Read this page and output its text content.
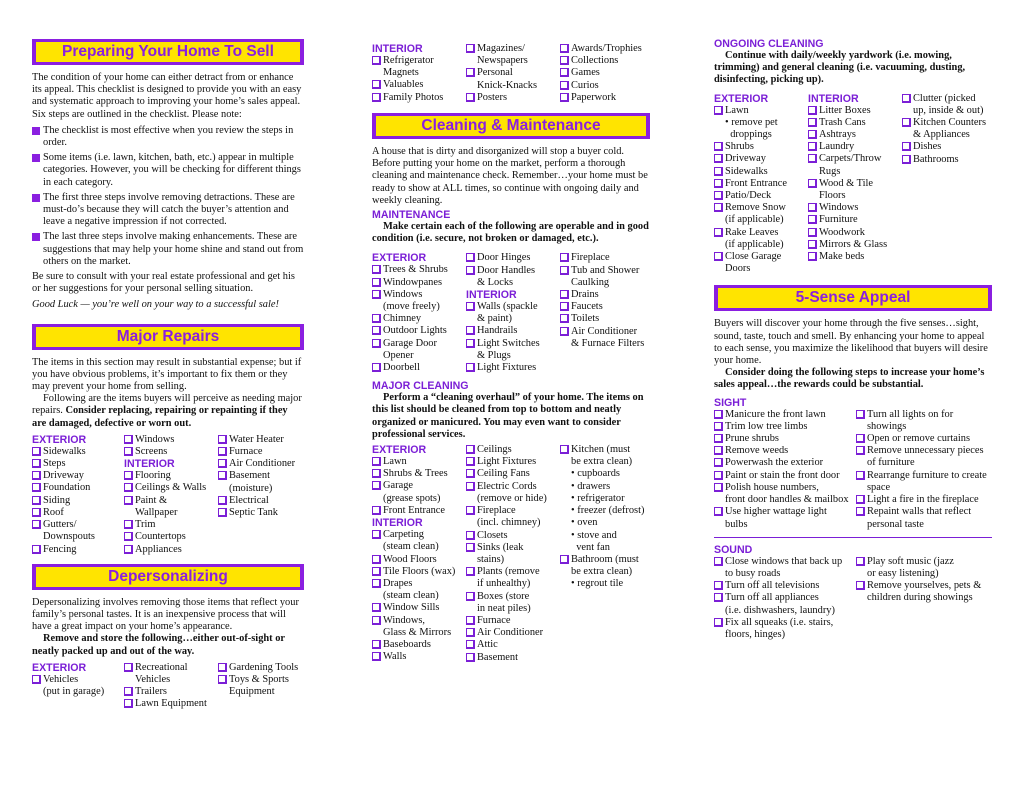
Preparing Your Home To Sell

The condition of your home can either detract from or enhance its appeal. This checklist is designed to provide you with an easy and systematic approach to improving your home’s sales appeal. Six steps are outlined in the checklist. Please note:

The checklist is most effective when you review the steps in order.
Some items (i.e. lawn, kitchen, bath, etc.) appear in multiple categories. However, you will be checking for different things in each category.
The first three steps involve removing detractions. These are must-do’s because they will catch the buyer’s attention and leave a negative impression if not corrected.
The last three steps involve making enhancements. These are suggestions that may help your home shine and stand out from others on the market.

Be sure to consult with your real estate professional and get his or her suggestions for your personal selling situation.

Good Luck — you’re well on your way to a successful sale!

Major Repairs

The items in this section may result in substantial expense; but if you have obvious problems, it’s important to fix them or they may prevent your home from selling.

Following are the items buyers will perceive as needing major repairs. Consider replacing, repairing or repainting if they are damaged, defective or worn out.

EXTERIOR
Sidewalks
Steps
Driveway
Foundation
Siding
Roof
Gutters/
Downspouts
Fencing
Windows
Screens
INTERIOR
Flooring
Ceilings & Walls
Paint &
Wallpaper
Trim
Countertops
Appliances
Water Heater
Furnace
Air Conditioner
Basement
(moisture)
Electrical
Septic Tank
Depersonalizing

Depersonalizing involves removing those items that reflect your family’s personal tastes. It is an inexpensive process that will have a great impact on your home’s appearance.

Remove and store the following…either out-of-sight or neatly packed up and out of the way.

EXTERIOR
Vehicles
(put in garage)
Recreational
Vehicles
Trailers
Lawn Equipment
Gardening Tools
Toys & Sports
Equipment
INTERIOR
Refrigerator
Magnets
Valuables
Family Photos
Magazines/
Newspapers
Personal
Knick-Knacks
Posters
Awards/Trophies
Collections
Games
Curios
Paperwork
Cleaning & Maintenance

A house that is dirty and disorganized will stop a buyer cold. Before putting your home on the market, perform a thorough cleaning and maintenance check. Remember…your home must be ready to show at ALL times, so continue with ongoing daily and weekly cleaning.

MAINTENANCE

Make certain each of the following are operable and in good condition (i.e. secure, not broken or damaged, etc.).

EXTERIOR
Trees & Shrubs
Windowpanes
Windows
(move freely)
Chimney
Outdoor Lights
Garage Door
Opener
Doorbell
Door Hinges
Door Handles
& Locks
INTERIOR
Walls (spackle
& paint)
Handrails
Light Switches
& Plugs
Light Fixtures
Fireplace
Tub and Shower
Caulking
Drains
Faucets
Toilets
Air Conditioner
& Furnace Filters
MAJOR CLEANING

Perform a “cleaning overhaul” of your home. The items on this list should be cleaned from top to bottom and neatly organized or manicured. You may even want to consider professional services.

EXTERIOR
Lawn
Shrubs & Trees
Garage
(grease spots)
Front Entrance
INTERIOR
Carpeting
(steam clean)
Wood Floors
Tile Floors (wax)
Drapes
(steam clean)
Window Sills
Windows,
Glass & Mirrors
Baseboards
Walls
Ceilings
Light Fixtures
Ceiling Fans
Electric Cords
(remove or hide)
Fireplace
(incl. chimney)
Closets
Sinks (leak
stains)
Plants (remove
if unhealthy)
Boxes (store
in neat piles)
Furnace
Air Conditioner
Attic
Basement
Kitchen (must
be extra clean)
• cupboards
• drawers
• refrigerator
• freezer (defrost)
• oven
• stove and
vent fan
Bathroom (must
be extra clean)
• regrout tile
ONGOING CLEANING

Continue with daily/weekly yardwork (i.e. mowing, trimming) and general cleaning (i.e. vacuuming, dusting, disinfecting, picking up).

EXTERIOR
Lawn
• remove pet
droppings
Shrubs
Driveway
Sidewalks
Front Entrance
Patio/Deck
Remove Snow
(if applicable)
Rake Leaves
(if applicable)
Close Garage
Doors
INTERIOR
Litter Boxes
Trash Cans
Ashtrays
Laundry
Carpets/Throw
Rugs
Wood & Tile
Floors
Windows
Furniture
Woodwork
Mirrors & Glass
Make beds
Clutter (picked
up, inside & out)
Kitchen Counters
& Appliances
Dishes
Bathrooms
5-Sense Appeal

Buyers will discover your home through the five senses…sight, sound, taste, touch and smell. By enhancing your home to appeal to each sense, you maximize the likelihood that buyers will desire your home.

Consider doing the following steps to increase your home’s sales appeal…the rewards could be substantial.

SIGHT
Manicure the front lawn
Trim low tree limbs
Prune shrubs
Remove weeds
Powerwash the exterior
Paint or stain the front door
Polish house numbers,
front door handles & mailbox
Use higher wattage light
bulbs
Turn all lights on for
showings
Open or remove curtains
Remove unnecessary pieces
of furniture
Rearrange furniture to create
space
Light a fire in the fireplace
Repaint walls that reflect
personal taste
SOUND
Close windows that back up
to busy roads
Turn off all televisions
Turn off all appliances
(i.e. dishwashers, laundry)
Fix all squeaks (i.e. stairs,
floors, hinges)
Play soft music (jazz
or easy listening)
Remove yourselves, pets &
children during showings
